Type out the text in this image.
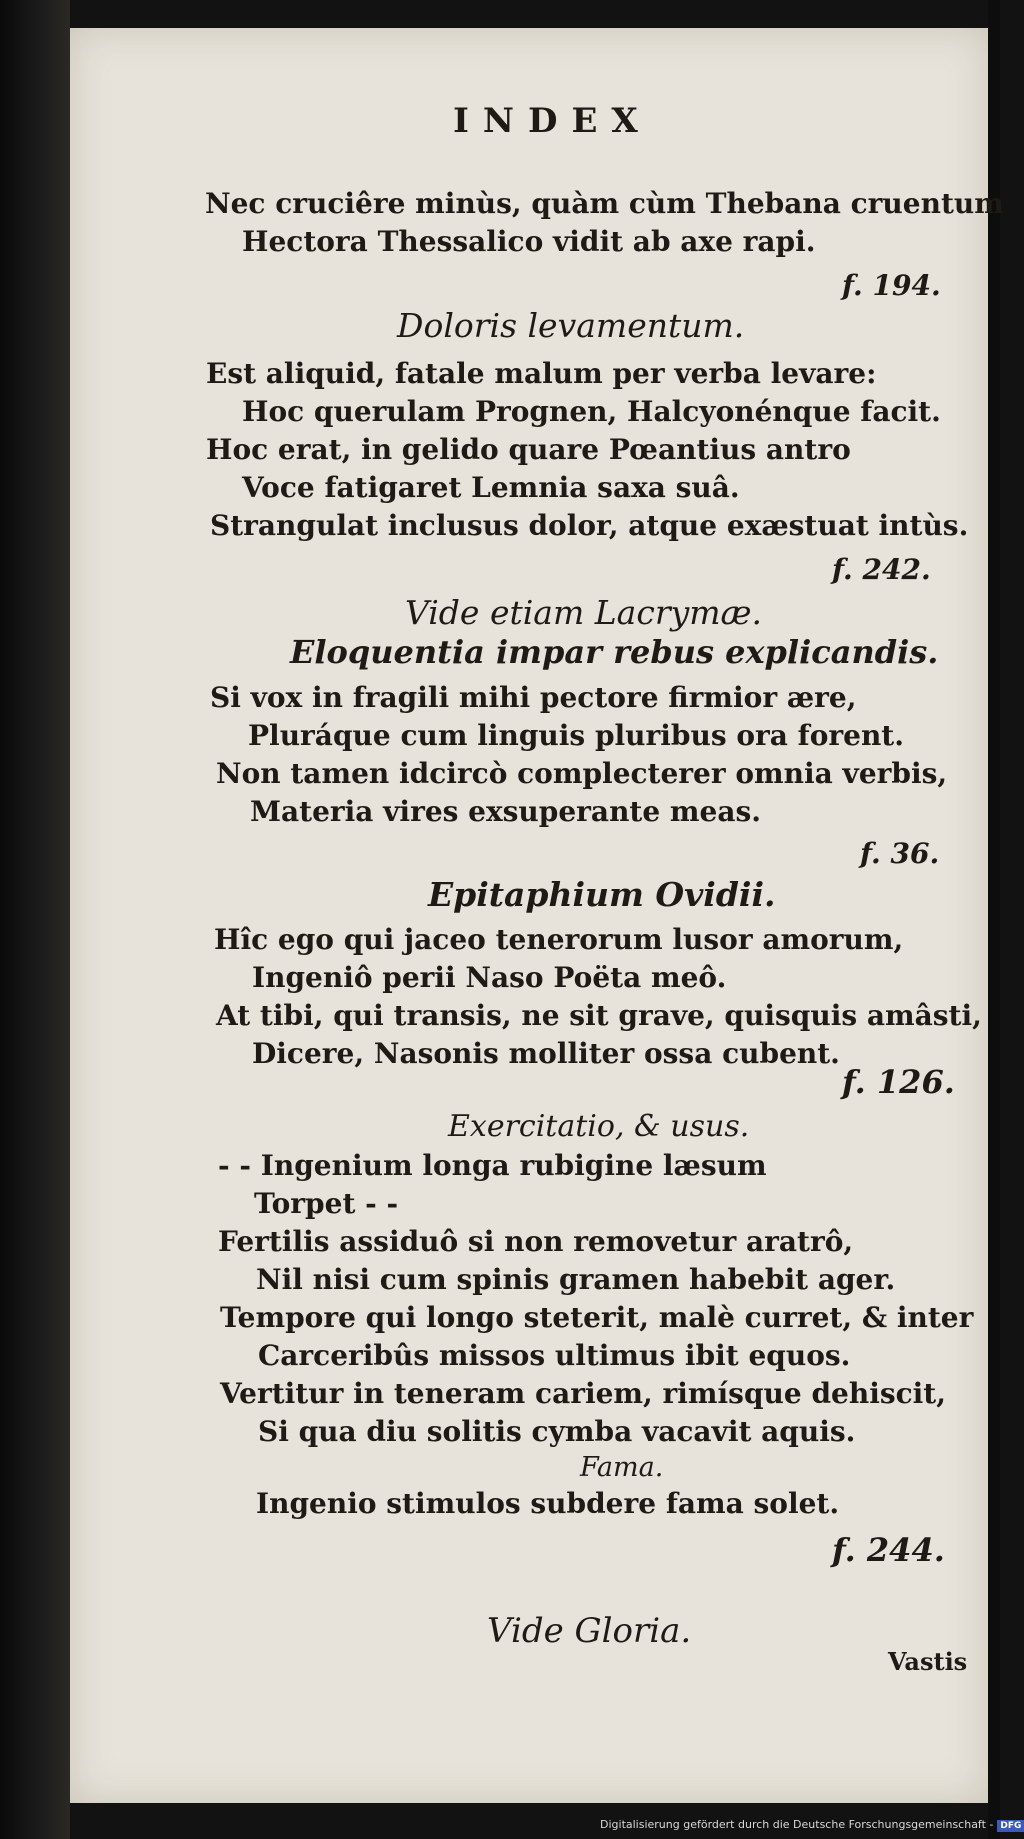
INDEX
Nec cruciêre minùs, quàm cùm Thebana cruentum
Hectora Thessalico vidit ab axe rapi.
f. 194.
Doloris levamentum.
Est aliquid, fatale malum per verba levare:
Hoc querulam Prognen, Halcyonénque facit.
Hoc erat, in gelido quare Pœantius antro
Voce fatigaret Lemnia saxa suâ.
Strangulat inclusus dolor, atque exæstuat intùs.
f. 242.
Vide etiam Lacrymæ.
Eloquentia impar rebus explicandis.
Si vox in fragili mihi pectore firmior ære,
Pluráque cum linguis pluribus ora forent.
Non tamen idcircò complecterer omnia verbis,
Materia vires exsuperante meas.
f. 36.
Epitaphium Ovidii.
Hîc ego qui jaceo tenerorum lusor amorum,
Ingeniô perii Naso Poëta meô.
At tibi, qui transis, ne sit grave, quisquis amâsti,
Dicere, Nasonis molliter ossa cubent.
f. 126.
Exercitatio, & usus.
- - Ingenium longa rubigine læsum
Torpet - -
Fertilis assiduô si non removetur aratrô,
Nil nisi cum spinis gramen habebit ager.
Tempore qui longo steterit, malè curret, & inter
Carceribûs missos ultimus ibit equos.
Vertitur in teneram cariem, rimísque dehiscit,
Si qua diu solitis cymba vacavit aquis.
Fama.
Ingenio stimulos subdere fama solet.
f. 244.
Vide Gloria.
Vastis
Digitalisierung gefördert durch die Deutsche Forschungsgemeinschaft - DFG
